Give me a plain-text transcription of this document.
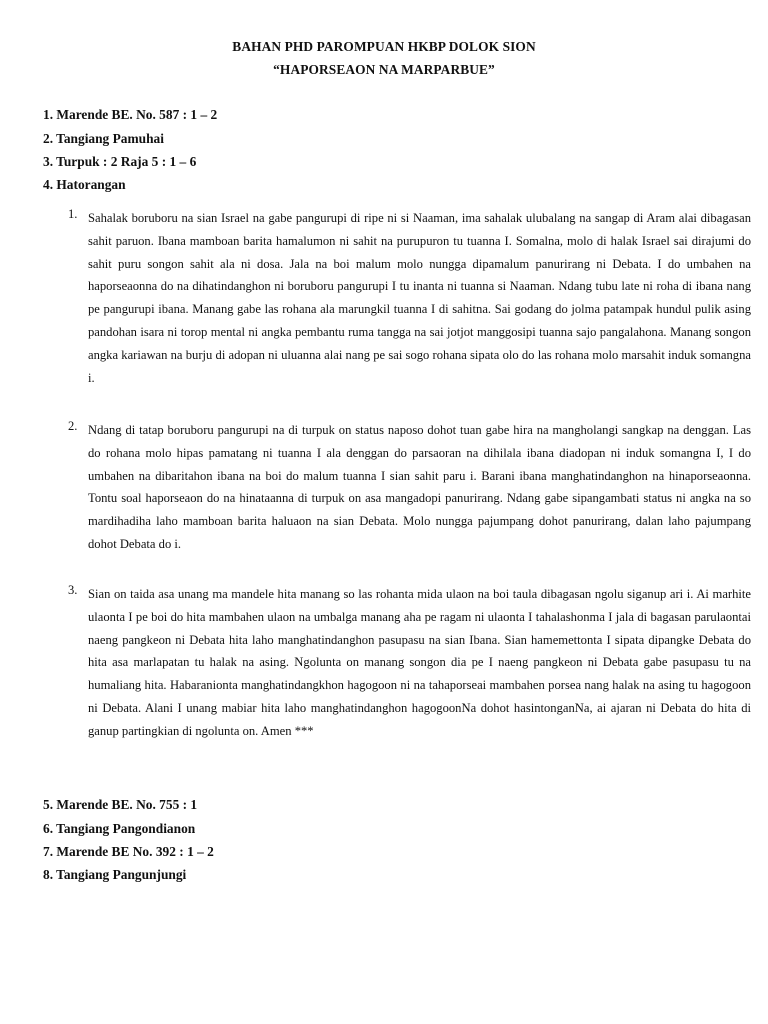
BAHAN PHD PAROMPUAN HKBP DOLOK SION
“HAPORSEAON NA MARPARBUE”
1. Marende BE. No. 587 : 1 – 2
2. Tangiang Pamuhai
3. Turpuk : 2 Raja 5 : 1 – 6
4. Hatorangan
1. Sahalak boruboru na sian Israel na gabe pangurupi di ripe ni si Naaman, ima sahalak ulubalang na sangap di Aram alai dibagasan sahit paruon. Ibana mamboan barita hamalumon ni sahit na purupuron tu tuanna I. Somalna, molo di halak Israel sai dirajumi do sahit puru songon sahit ala ni dosa. Jala na boi malum molo nungga dipamalum panurirang ni Debata. I do umbahen na haporseaonna do na dihatindanghon ni boruboru pangurupi I tu inanta ni tuanna si Naaman. Ndang tubu late ni roha di ibana nang pe pangurupi ibana. Manang gabe las rohana ala marungkil tuanna I di sahitna. Sai godang do jolma patampak hundul pulik asing pandohan isara ni torop mental ni angka pembantu ruma tangga na sai jotjot manggosipi tuanna sajo pangalahona. Manang songon angka kariawan na burju di adopan ni uluanna alai nang pe sai sogo rohana sipata olo do las rohana molo marsahit induk somangna i.
2. Ndang di tatap boruboru pangurupi na di turpuk on status naposo dohot tuan gabe hira na mangholangi sangkap na denggan. Las do rohana molo hipas pamatang ni tuanna I ala denggan do parsaoran na dihilala ibana diadopan ni induk somangna I, I do umbahen na dibaritahon ibana na boi do malum tuanna I sian sahit paru i. Barani ibana manghatindanghon na hinaporseaonna. Tontu soal haporseaon do na hinataanna di turpuk on asa mangadopi panurirang. Ndang gabe sipangambati status ni angka na so mardihadiha laho mamboan barita haluaon na sian Debata. Molo nungga pajumpang dohot panurirang, dalan laho pajumpang dohot Debata do i.
3. Sian on taida asa unang ma mandele hita manang so las rohanta mida ulaon na boi taula dibagasan ngolu siganup ari i. Ai marhite ulaonta I pe boi do hita mambahen ulaon na umbalga manang aha pe ragam ni ulaonta I tahalashonma I jala di bagasan parulaontai naeng pangkeon ni Debata hita laho manghatindanghon pasupasu na sian Ibana. Sian hamemettonta I sipata dipangke Debata do hita asa marlapatan tu halak na asing. Ngolunta on manang songon dia pe I naeng pangkeon ni Debata gabe pasupasu tu na humaliang hita. Habaranionta manghatindangkhon hagogoon ni na tahaporseai mambahen porsea nang halak na asing tu hagogoon ni Debata. Alani I unang mabiar hita laho manghatindanghon hagogoonNa dohot hasintonganNa, ai ajaran ni Debata do hita di ganup partingkian di ngolunta on. Amen ***
5. Marende BE. No. 755 : 1
6. Tangiang Pangondianon
7. Marende BE No. 392 : 1 – 2
8. Tangiang Pangunjungi
